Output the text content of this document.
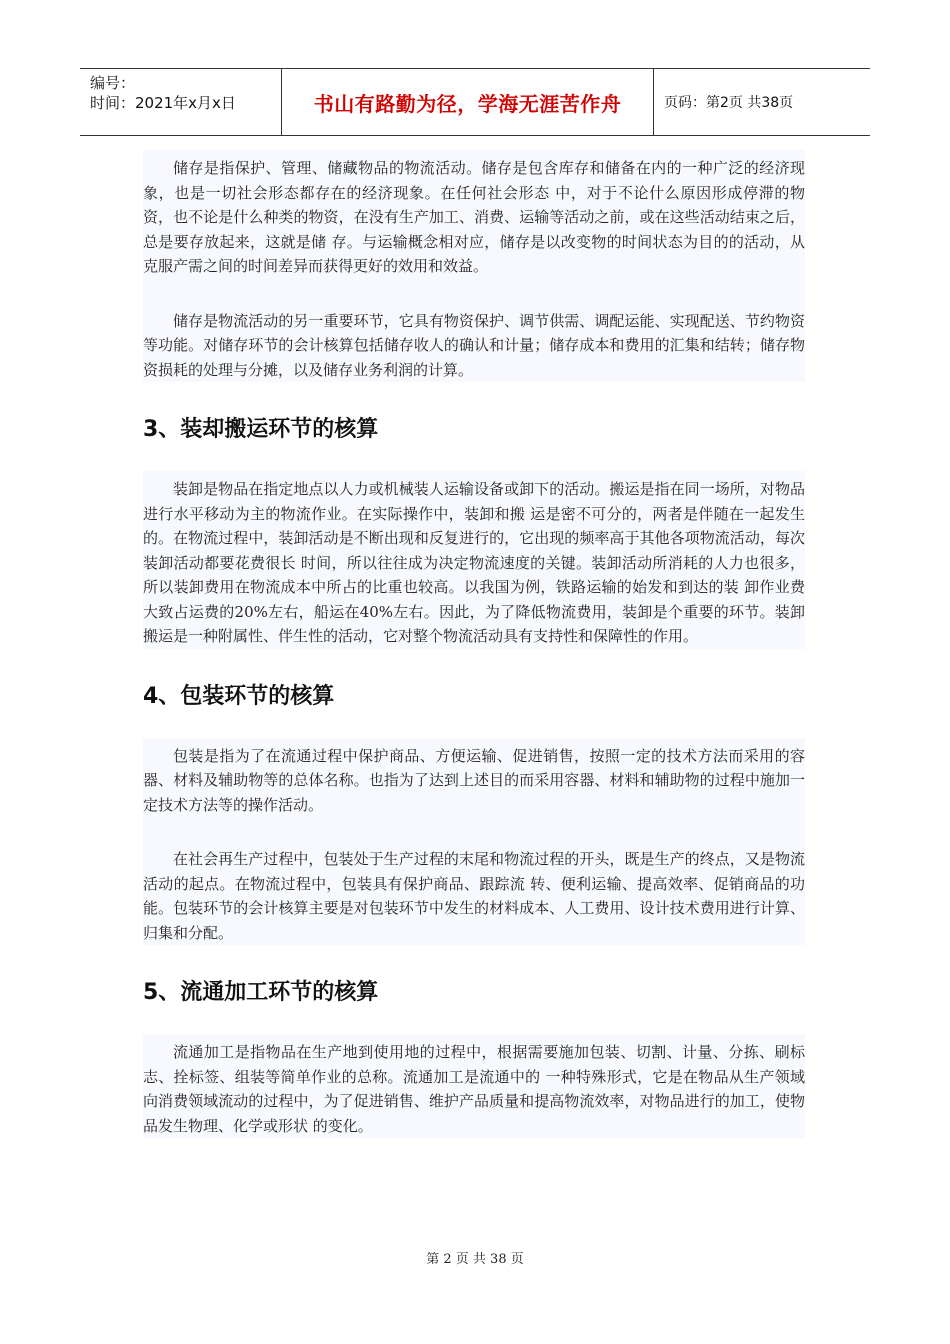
编号：
时间：2021年x月x日	书山有路勤为径，学海无涯苦作舟	页码：第2页 共38页

储存是指保护、管理、储藏物品的物流活动。储存是包含库存和储备在内的一种广泛的经济现象，也是一切社会形态都存在的经济现象。在任何社会形态 中，对于不论什么原因形成停滞的物资，也不论是什么种类的物资，在没有生产加工、消费、运输等活动之前，或在这些活动结束之后，总是要存放起来，这就是储 存。与运输概念相对应，储存是以改变物的时间状态为目的的活动，从克服产需之间的时间差异而获得更好的效用和效益。

储存是物流活动的另一重要环节，它具有物资保护、调节供需、调配运能、实现配送、节约物资等功能。对储存环节的会计核算包括储存收人的确认和计量；储存成本和费用的汇集和结转；储存物资损耗的处理与分摊，以及储存业务利润的计算。

3、装却搬运环节的核算

装卸是物品在指定地点以人力或机械装人运输设备或卸下的活动。搬运是指在同一场所，对物品进行水平移动为主的物流作业。在实际操作中，装卸和搬 运是密不可分的，两者是伴随在一起发生的。在物流过程中，装卸活动是不断出现和反复进行的，它出现的频率高于其他各项物流活动，每次装卸活动都要花费很长 时间，所以往往成为决定物流速度的关键。装卸活动所消耗的人力也很多，所以装卸费用在物流成本中所占的比重也较高。以我国为例，铁路运输的始发和到达的装 卸作业费大致占运费的20%左右，船运在40%左右。因此，为了降低物流费用，装卸是个重要的环节。装卸搬运是一种附属性、伴生性的活动，它对整个物流活动具有支持性和保障性的作用。

4、包装环节的核算

包装是指为了在流通过程中保护商品、方便运输、促进销售，按照一定的技术方法而采用的容器、材料及辅助物等的总体名称。也指为了达到上述目的而采用容器、材料和辅助物的过程中施加一定技术方法等的操作活动。

在社会再生产过程中，包装处于生产过程的末尾和物流过程的开头，既是生产的终点，又是物流活动的起点。在物流过程中，包装具有保护商品、跟踪流 转、便利运输、提高效率、促销商品的功能。包装环节的会计核算主要是对包装环节中发生的材料成本、人工费用、设计技术费用进行计算、归集和分配。

5、流通加工环节的核算

流通加工是指物品在生产地到使用地的过程中，根据需要施加包装、切割、计量、分拣、刷标志、拴标签、组装等简单作业的总称。流通加工是流通中的 一种特殊形式，它是在物品从生产领域向消费领域流动的过程中，为了促进销售、维护产品质量和提高物流效率，对物品进行的加工，使物品发生物理、化学或形状 的变化。

第 2 页 共 38 页
